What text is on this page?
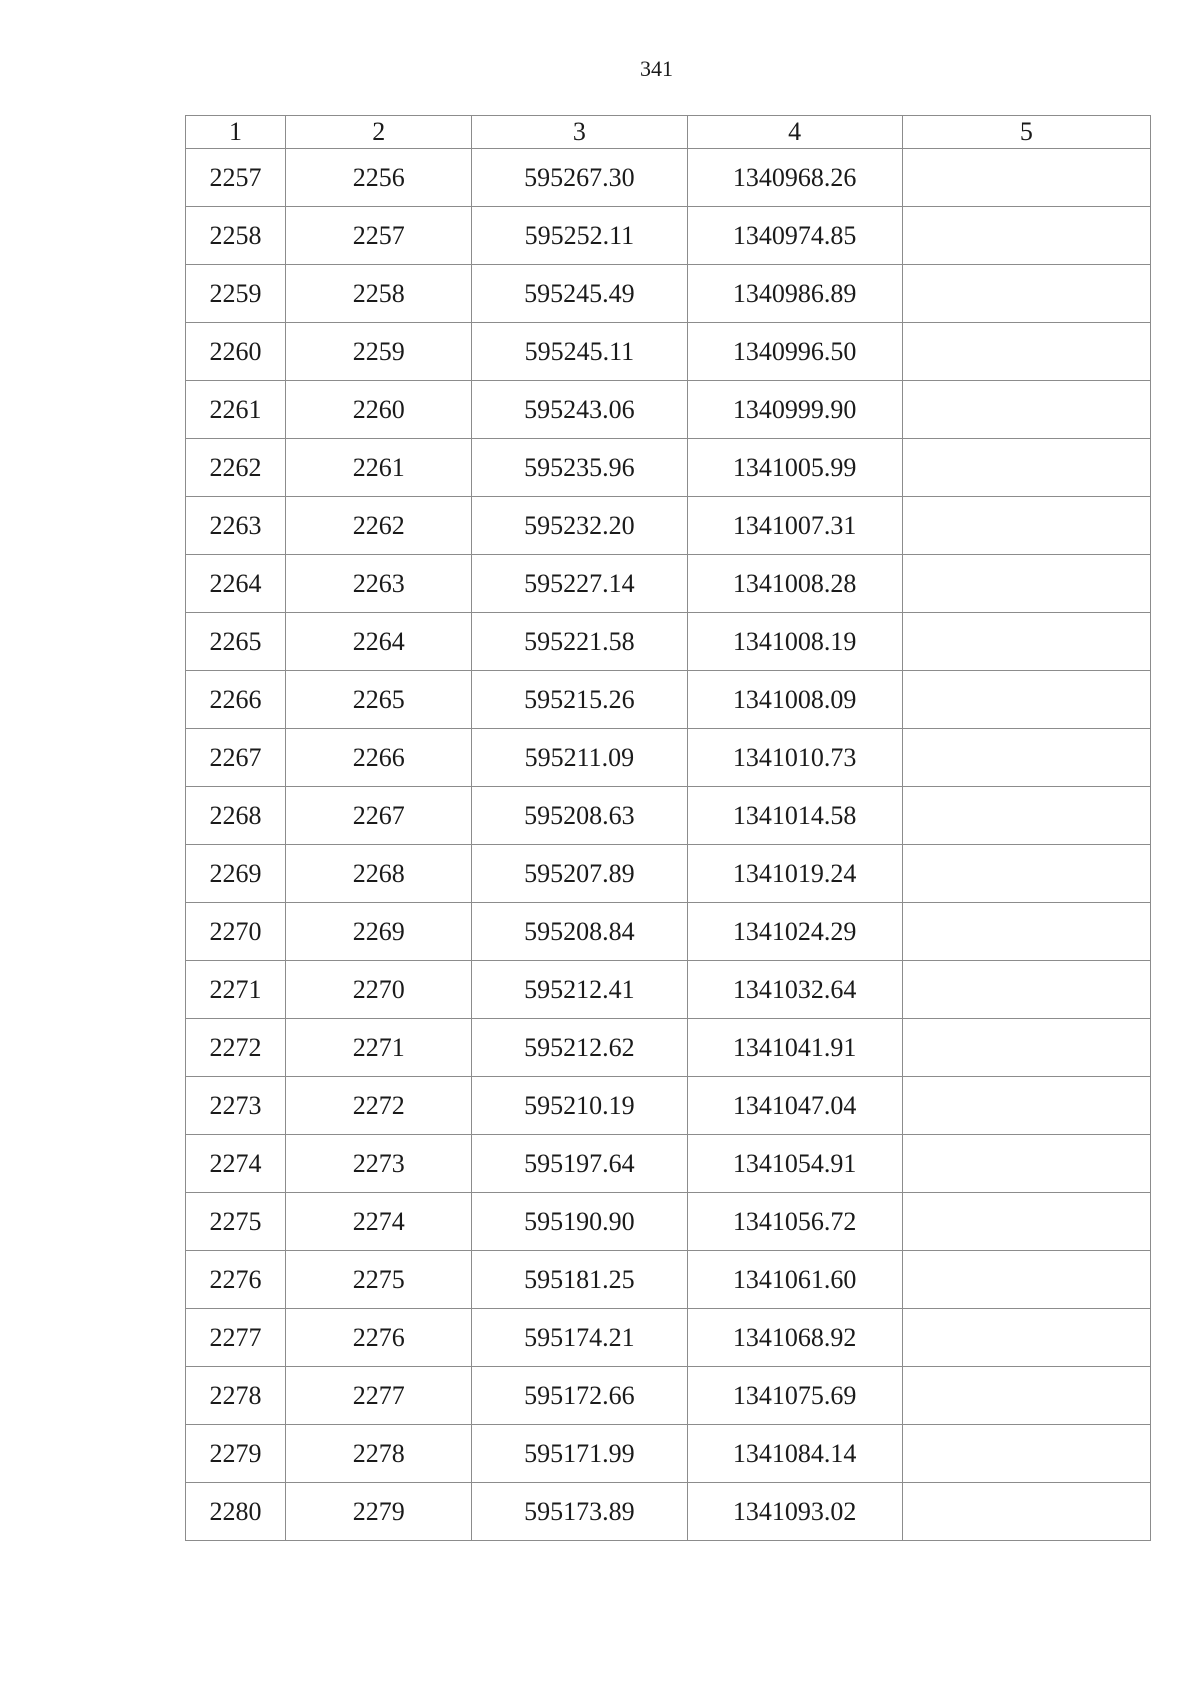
341
1	2	3	4	5
2257	2256	595267.30	1340968.26	
2258	2257	595252.11	1340974.85	
2259	2258	595245.49	1340986.89	
2260	2259	595245.11	1340996.50	
2261	2260	595243.06	1340999.90	
2262	2261	595235.96	1341005.99	
2263	2262	595232.20	1341007.31	
2264	2263	595227.14	1341008.28	
2265	2264	595221.58	1341008.19	
2266	2265	595215.26	1341008.09	
2267	2266	595211.09	1341010.73	
2268	2267	595208.63	1341014.58	
2269	2268	595207.89	1341019.24	
2270	2269	595208.84	1341024.29	
2271	2270	595212.41	1341032.64	
2272	2271	595212.62	1341041.91	
2273	2272	595210.19	1341047.04	
2274	2273	595197.64	1341054.91	
2275	2274	595190.90	1341056.72	
2276	2275	595181.25	1341061.60	
2277	2276	595174.21	1341068.92	
2278	2277	595172.66	1341075.69	
2279	2278	595171.99	1341084.14	
2280	2279	595173.89	1341093.02	
